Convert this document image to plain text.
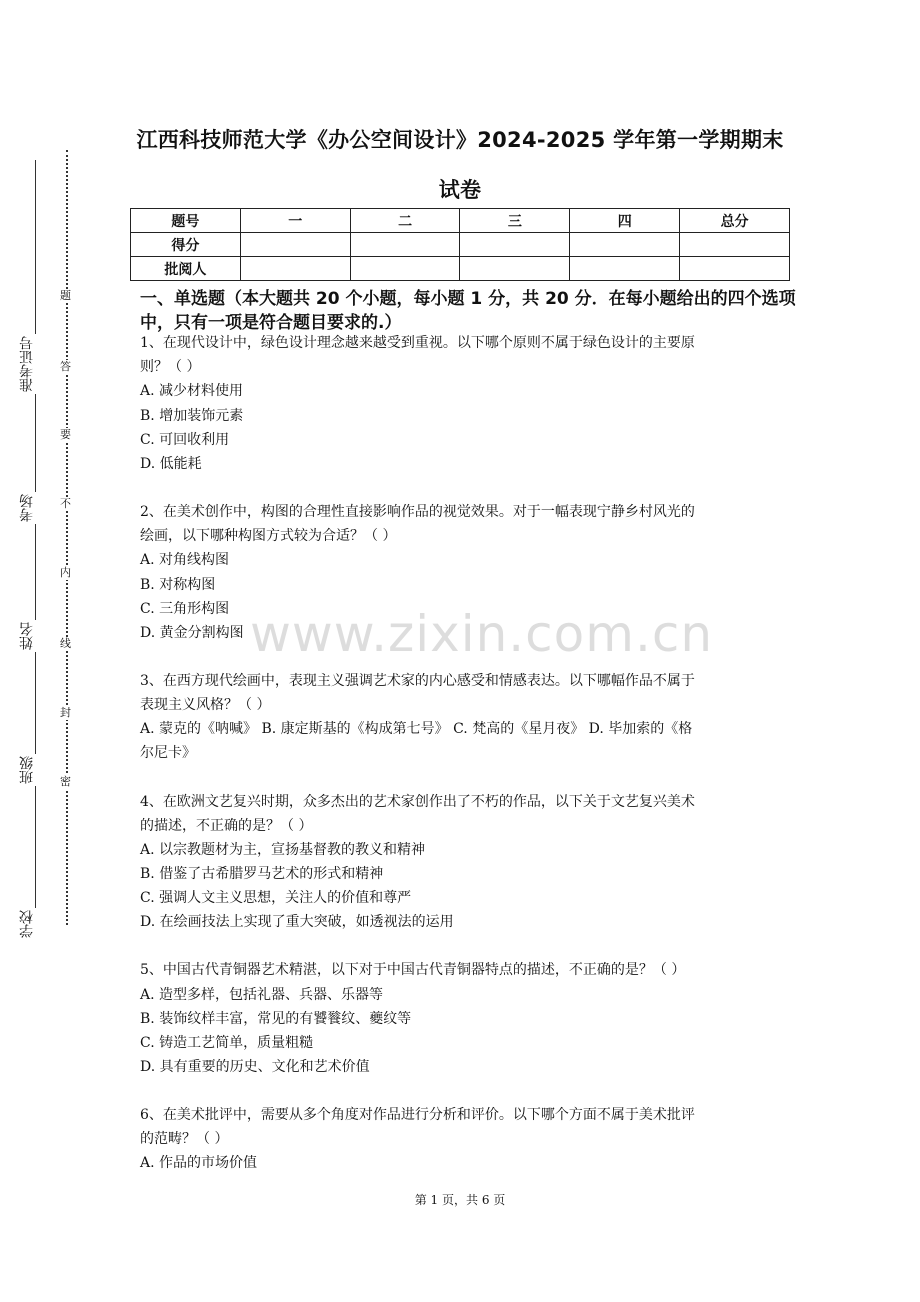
题
答
要
不
内
线
封
密
准考证号
考场
姓名
班级
学校
江西科技师范大学《办公空间设计》2024-2025 学年第一学期期末
试卷
题号	一	二	三	四	总分
得分					
批阅人					
一、单选题（本大题共 20 个小题，每小题 1 分，共 20 分．在每小题给出的四个选项中，只有一项是符合题目要求的.）
1、在现代设计中，绿色设计理念越来越受到重视。以下哪个原则不属于绿色设计的主要原
则？（ ）
A. 减少材料使用
B. 增加装饰元素
C. 可回收利用
D. 低能耗
2、在美术创作中，构图的合理性直接影响作品的视觉效果。对于一幅表现宁静乡村风光的
绘画，以下哪种构图方式较为合适？（ ）
A. 对角线构图
B. 对称构图
C. 三角形构图
D. 黄金分割构图
3、在西方现代绘画中，表现主义强调艺术家的内心感受和情感表达。以下哪幅作品不属于
表现主义风格？（ ）
A. 蒙克的《呐喊》 B. 康定斯基的《构成第七号》 C. 梵高的《星月夜》 D. 毕加索的《格
尔尼卡》
4、在欧洲文艺复兴时期，众多杰出的艺术家创作出了不朽的作品，以下关于文艺复兴美术
的描述，不正确的是？（ ）
A. 以宗教题材为主，宣扬基督教的教义和精神
B. 借鉴了古希腊罗马艺术的形式和精神
C. 强调人文主义思想，关注人的价值和尊严
D. 在绘画技法上实现了重大突破，如透视法的运用
5、中国古代青铜器艺术精湛，以下对于中国古代青铜器特点的描述，不正确的是？（ ）
A. 造型多样，包括礼器、兵器、乐器等
B. 装饰纹样丰富，常见的有饕餮纹、夔纹等
C. 铸造工艺简单，质量粗糙
D. 具有重要的历史、文化和艺术价值
6、在美术批评中，需要从多个角度对作品进行分析和评价。以下哪个方面不属于美术批评
的范畴？（ ）
A. 作品的市场价值
www.zixin.com.cn
第 1 页，共 6 页
